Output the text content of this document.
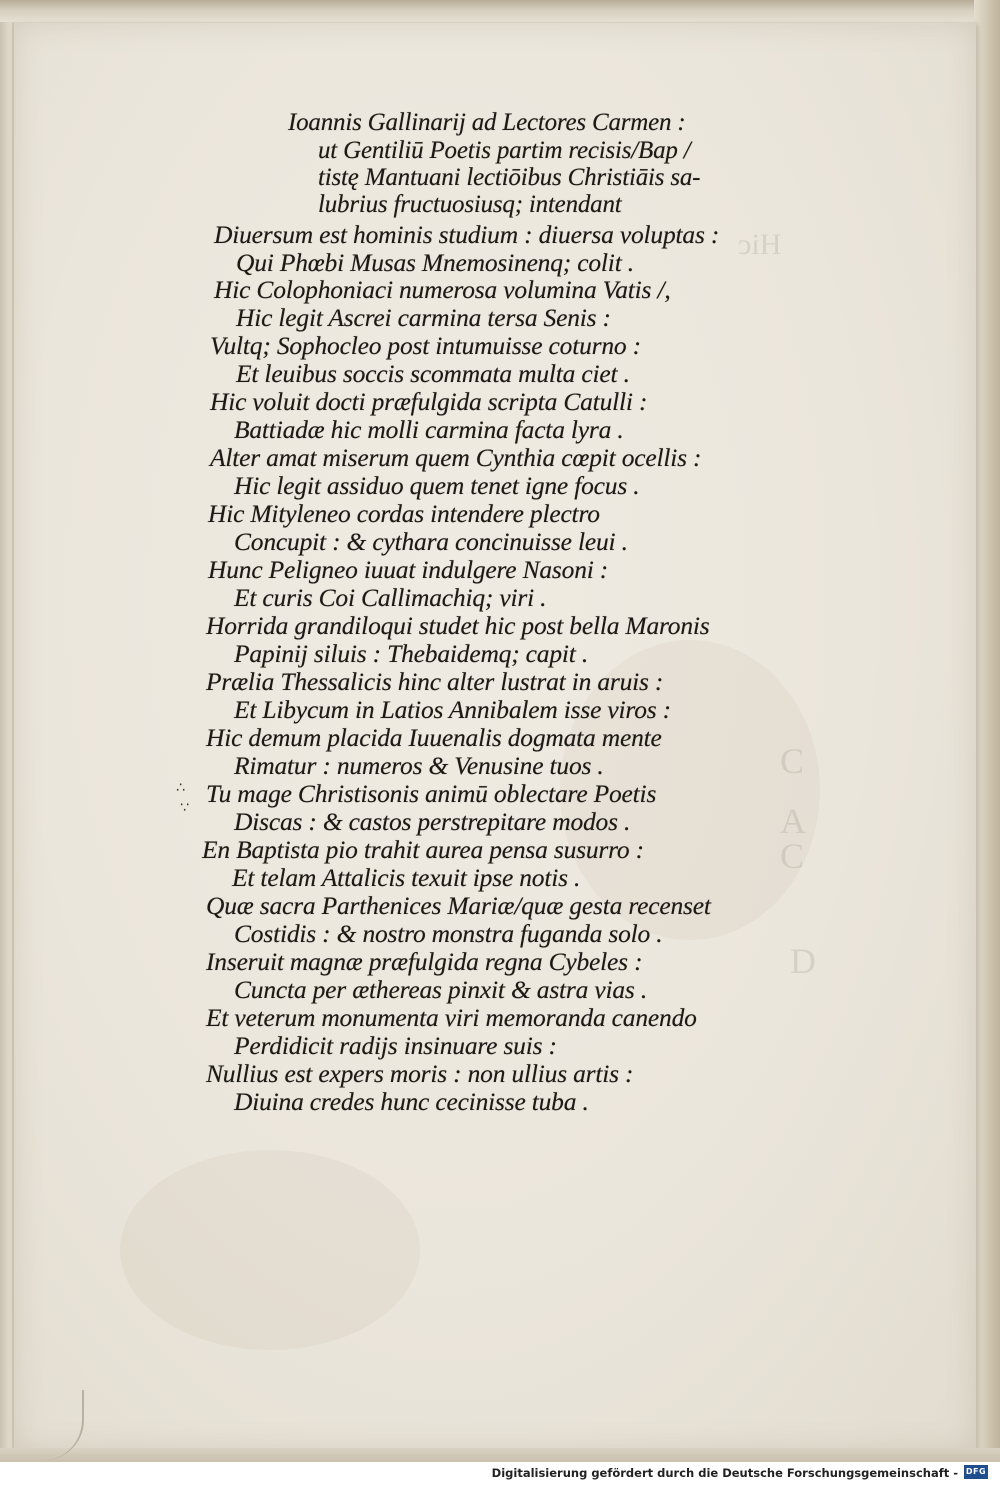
Hic
C
A
C
D
Ioannis Gallinarij ad Lectores Carmen :
ut Gentiliū Poetis partim recisis/Bap /
tistę Mantuani lectiōibus Christiāis sa-
lubrius fructuosiusq; intendant
Diuersum est hominis studium : diuersa voluptas :
Qui Phœbi Musas Mnemosinenq; colit .
Hic Colophoniaci numerosa volumina Vatis /,
Hic legit Ascrei carmina tersa Senis :
Vultq; Sophocleo post intumuisse coturno :
Et leuibus soccis scommata multa ciet .
Hic voluit docti præfulgida scripta Catulli :
Battiadæ hic molli carmina facta lyra .
Alter amat miserum quem Cynthia cœpit ocellis :
Hic legit assiduo quem tenet igne focus .
Hic Mityleneo cordas intendere plectro
Concupit : & cythara concinuisse leui .
Hunc Peligneo iuuat indulgere Nasoni :
Et curis Coi Callimachiq; viri .
Horrida grandiloqui studet hic post bella Maronis
Papinij siluis : Thebaidemq; capit .
Prælia Thessalicis hinc alter lustrat in aruis :
Et Libycum in Latios Annibalem isse viros :
Hic demum placida Iuuenalis dogmata mente
Rimatur : numeros & Venusine tuos .
Tu mage Christisonis animū oblectare Poetis
Discas : & castos perstrepitare modos .
En Baptista pio trahit aurea pensa susurro :
Et telam Attalicis texuit ipse notis .
Quæ sacra Parthenices Mariæ/quæ gesta recenset
Costidis : & nostro monstra fuganda solo .
Inseruit magnæ præfulgida regna Cybeles :
Cuncta per æthereas pinxit & astra vias .
Et veterum monumenta viri memoranda canendo
Perdidicit radijs insinuare suis :
Nullius est expers moris : non ullius artis :
Diuina credes hunc cecinisse tuba .
∴
∵
Digitalisierung gefördert durch die Deutsche Forschungsgemeinschaft - DFG
